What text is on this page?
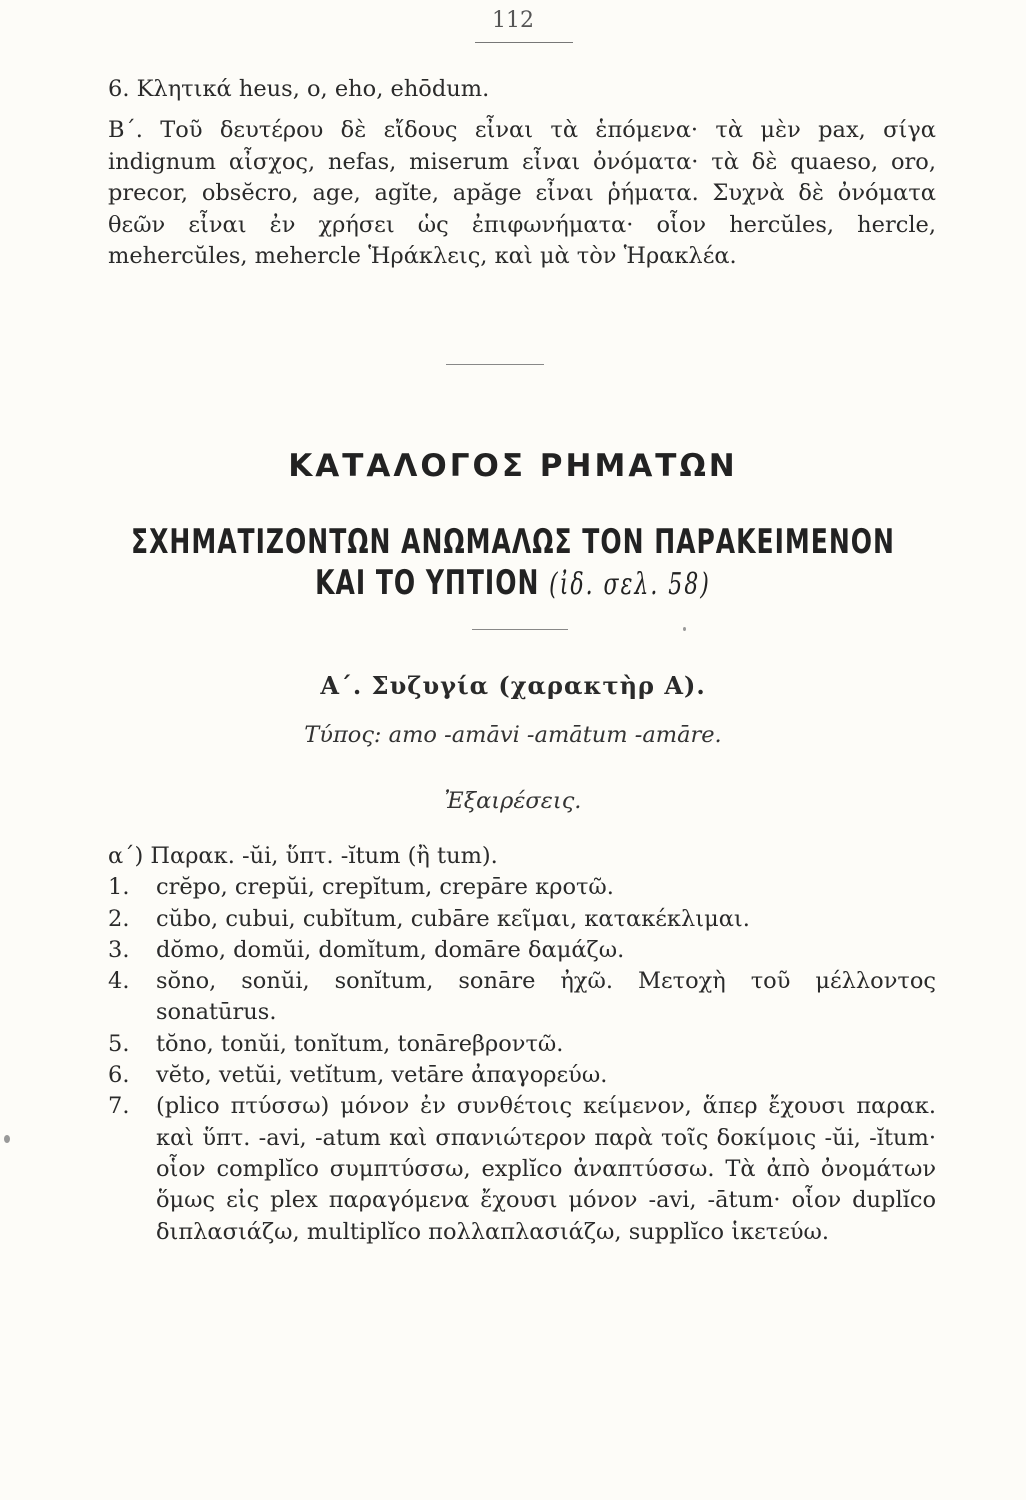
112
6. Κλητικά heus, o, eho, ehōdum.
Β΄. Τοῦ δευτέρου δὲ εἴδους εἶναι τὰ ἑπόμενα· τὰ μὲν pax, σίγα indignum αἶσχος, nefas, miserum εἶναι ὀνόματα· τὰ δὲ quaeso, oro, precor, obsĕcro, age, agĭte, apăge εἶναι ῥήματα. Συχνὰ δὲ ὀνόματα θεῶν εἶναι ἐν χρήσει ὡς ἐπιφωνήματα· οἷον hercŭles, hercle, mehercŭles, mehercle Ἡράκλεις, καὶ μὰ τὸν Ἡρακλέα.
ΚΑΤΑΛΟΓΟΣ ΡΗΜΑΤΩΝ
ΣΧΗΜΑΤΙΖΟΝΤΩΝ ΑΝΩΜΑΛΩΣ ΤΟΝ ΠΑΡΑΚΕΙΜΕΝΟΝ
ΚΑΙ ΤΟ ΥΠΤΙΟΝ (ἰδ. σελ. 58)
Α΄. Συζυγία (χαρακτὴρ Α).
Τύπος: amo -amāvi -amātum -amāre.
Ἐξαιρέσεις.
α΄) Παρακ. -ŭi, ὕπτ. -ĭtum (ἢ tum).
1.	crĕpo, crepŭi, crepĭtum, crepāre κροτῶ.
2.	cŭbo, cubui, cubĭtum, cubāre κεῖμαι, κατακέκλιμαι.
3.	dŏmo, domŭi, domĭtum, domāre δαμάζω.
4.	sŏno, sonŭi, sonĭtum, sonāre ἠχῶ. Μετοχὴ τοῦ μέλλοντος sonatūrus.
5.	tŏno, tonŭi, tonĭtum, tonāreβροντῶ.
6.	vĕto, vetŭi, vetĭtum, vetāre ἀπαγορεύω.
7.	(plico πτύσσω) μόνον ἐν συνθέτοις κείμενον, ἅπερ ἔχουσι παρακ. καὶ ὕπτ. -avi, -atum καὶ σπανιώτερον παρὰ τοῖς δοκίμοις -ŭi, -ĭtum· οἷον complĭco συμπτύσσω, explĭco ἀναπτύσσω. Τὰ ἀπὸ ὀνομάτων ὅμως εἰς plex παραγόμενα ἔχουσι μόνον -avi, -ātum· οἷον duplĭco διπλασιάζω, multiplĭco πολλαπλασιάζω, supplĭco ἱκετεύω.
